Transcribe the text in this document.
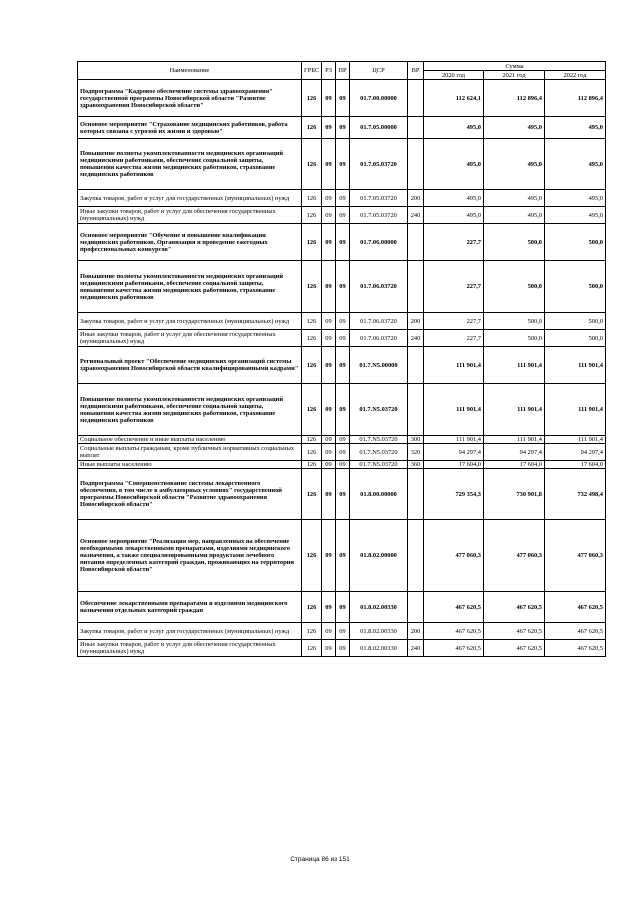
Наименование	ГРБС	РЗ	ПР	ЦСР	ВР	Сумма		
						2020 год	2021 год	2022 год
Подпрограмма "Кадровое обеспечение системы здравоохранения" государственной программы Новосибирской области "Развитие здравоохранения Новосибирской области"	126	09	09	01.7.00.00000		112 624,1	112 896,4	112 896,4
Основное мероприятие "Страхование медицинских работников, работа которых связана с угрозой их жизни и здоровью"	126	09	09	01.7.05.00000		495,0	495,0	495,0
Повышение полноты укомплектованности медицинских организаций медицинскими работниками, обеспечение социальной защиты, повышения качества жизни медицинских работников, страхование медицинских работников	126	09	09	01.7.05.03720		495,0	495,0	495,0
Закупка товаров, работ и услуг для государственных (муниципальных) нужд	126	09	09	01.7.05.03720	200	495,0	495,0	495,0
Иные закупки товаров, работ и услуг для обеспечения государственных (муниципальных) нужд	126	09	09	01.7.05.03720	240	495,0	495,0	495,0
Основное мероприятие "Обучение и повышение квалификации медицинских работников. Организация и проведение ежегодных профессиональных конкурсов"	126	09	09	01.7.06.00000		227,7	500,0	500,0
Повышение полноты укомплектованности медицинских организаций медицинскими работниками, обеспечение социальной защиты, повышения качества жизни медицинских работников, страхование медицинских работников	126	09	09	01.7.06.03720		227,7	500,0	500,0
Закупка товаров, работ и услуг для государственных (муниципальных) нужд	126	09	09	01.7.06.03720	200	227,7	500,0	500,0
Иные закупки товаров, работ и услуг для обеспечения государственных (муниципальных) нужд	126	09	09	01.7.06.03720	240	227,7	500,0	500,0
Региональный проект "Обеспечение медицинских организаций системы здравоохранения Новосибирской области квалифицированными кадрами"	126	09	09	01.7.N5.00000		111 901,4	111 901,4	111 901,4
Повышение полноты укомплектованности медицинских организаций медицинскими работниками, обеспечение социальной защиты, повышения качества жизни медицинских работников, страхование медицинских работников	126	09	09	01.7.N5.03720		111 901,4	111 901,4	111 901,4
Социальное обеспечение и иные выплаты населению	126	09	09	01.7.N5.03720	300	111 901,4	111 901,4	111 901,4
Социальные выплаты гражданам, кроме публичных нормативных социальных выплат	126	09	09	01.7.N5.03720	320	94 297,4	94 297,4	94 297,4
Иные выплаты населению	126	09	09	01.7.N5.03720	360	17 604,0	17 604,0	17 604,0
Подпрограмма "Совершенствование системы лекарственного обеспечения, в том числе в амбулаторных условиях" государственной программы Новосибирской области "Развитие здравоохранения Новосибирской области"	126	09	09	01.8.00.00000		729 354,3	730 901,8	732 498,4
Основное мероприятие "Реализация мер, направленных на обеспечение необходимыми лекарственными препаратами, изделиями медицинского назначения, а также специализированными продуктами лечебного питания определенных категорий граждан, проживающих на территории Новосибирской области"	126	09	09	01.8.02.00000		477 060,3	477 060,3	477 060,3
Обеспечение лекарственными препаратами и изделиями медицинского назначения отдельных категорий граждан	126	09	09	01.8.02.00330		467 620,5	467 620,5	467 620,5
Закупка товаров, работ и услуг для государственных (муниципальных) нужд	126	09	09	01.8.02.00330	200	467 620,5	467 620,5	467 620,5
Иные закупки товаров, работ и услуг для обеспечения государственных (муниципальных) нужд	126	09	09	01.8.02.00330	240	467 620,5	467 620,5	467 620,5
Страница 86 из 151
